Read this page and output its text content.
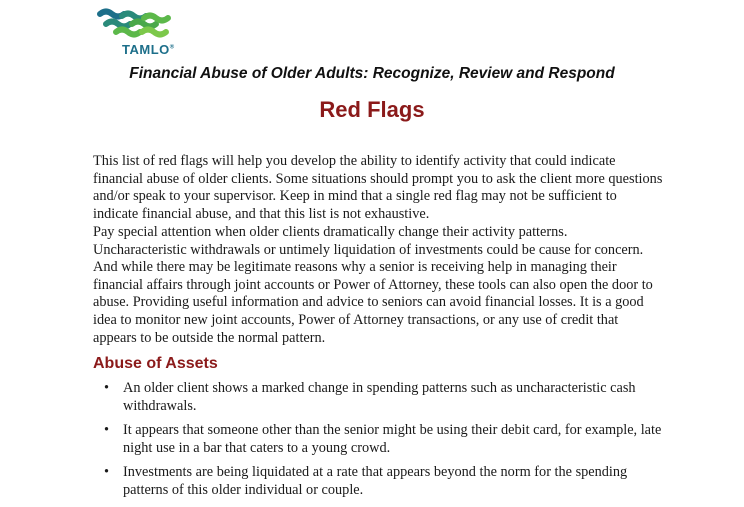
TAMLO®
Financial Abuse of Older Adults: Recognize, Review and Respond
Red Flags
This list of red flags will help you develop the ability to identify activity that could indicate financial abuse of older clients. Some situations should prompt you to ask the client more questions and/or speak to your supervisor. Keep in mind that a single red flag may not be sufficient to indicate financial abuse, and that this list is not exhaustive.
Pay special attention when older clients dramatically change their activity patterns. Uncharacteristic withdrawals or untimely liquidation of investments could be cause for concern. And while there may be legitimate reasons why a senior is receiving help in managing their financial affairs through joint accounts or Power of Attorney, these tools can also open the door to abuse. Providing useful information and advice to seniors can avoid financial losses. It is a good idea to monitor new joint accounts, Power of Attorney transactions, or any use of credit that appears to be outside the normal pattern.
Abuse of Assets
• An older client shows a marked change in spending patterns such as uncharacteristic cash withdrawals.
• It appears that someone other than the senior might be using their debit card, for example, late night use in a bar that caters to a young crowd.
• Investments are being liquidated at a rate that appears beyond the norm for the spending patterns of this older individual or couple.
